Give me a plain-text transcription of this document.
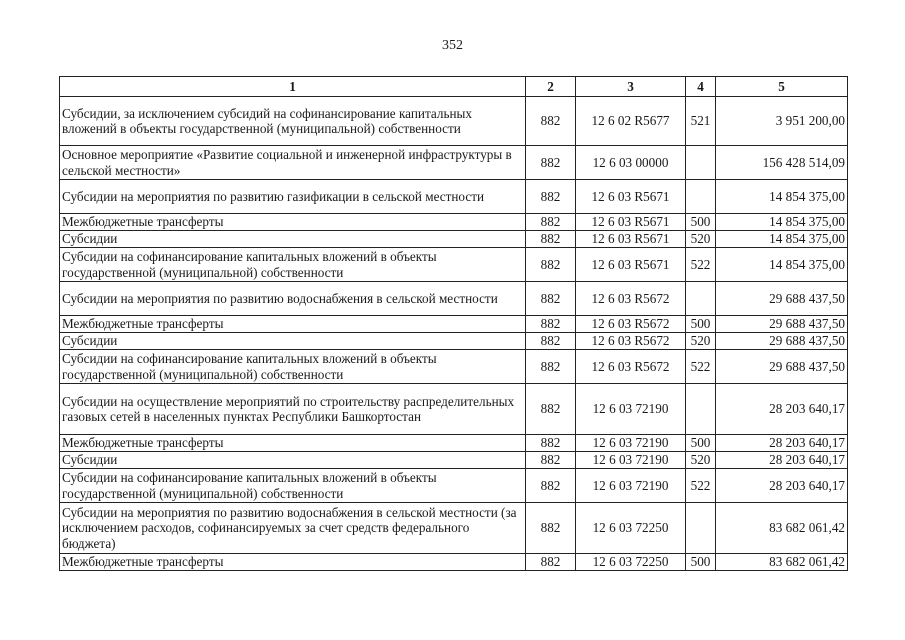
352
1	2	3	4	5
Субсидии, за исключением субсидий на софинансирование капитальных вложений в объекты государственной (муниципальной) собственности	882	12 6 02 R5677	521	3 951 200,00
Основное мероприятие «Развитие социальной и инженерной инфраструктуры в сельской местности»	882	12 6 03 00000		156 428 514,09
Субсидии на мероприятия по развитию газификации в сельской местности	882	12 6 03 R5671		14 854 375,00
Межбюджетные трансферты	882	12 6 03 R5671	500	14 854 375,00
Субсидии	882	12 6 03 R5671	520	14 854 375,00
Субсидии на софинансирование капитальных вложений в объекты государственной (муниципальной) собственности	882	12 6 03 R5671	522	14 854 375,00
Субсидии на мероприятия по развитию водоснабжения в сельской местности	882	12 6 03 R5672		29 688 437,50
Межбюджетные трансферты	882	12 6 03 R5672	500	29 688 437,50
Субсидии	882	12 6 03 R5672	520	29 688 437,50
Субсидии на софинансирование капитальных вложений в объекты государственной (муниципальной) собственности	882	12 6 03 R5672	522	29 688 437,50
Субсидии на осуществление мероприятий по строительству распределительных газовых сетей в населенных пунктах Республики Башкортостан	882	12 6 03 72190		28 203 640,17
Межбюджетные трансферты	882	12 6 03 72190	500	28 203 640,17
Субсидии	882	12 6 03 72190	520	28 203 640,17
Субсидии на софинансирование капитальных вложений в объекты государственной (муниципальной) собственности	882	12 6 03 72190	522	28 203 640,17
Субсидии на мероприятия по развитию водоснабжения в сельской местности (за исключением расходов, софинансируемых за счет средств федерального бюджета)	882	12 6 03 72250		83 682 061,42
Межбюджетные трансферты	882	12 6 03 72250	500	83 682 061,42
